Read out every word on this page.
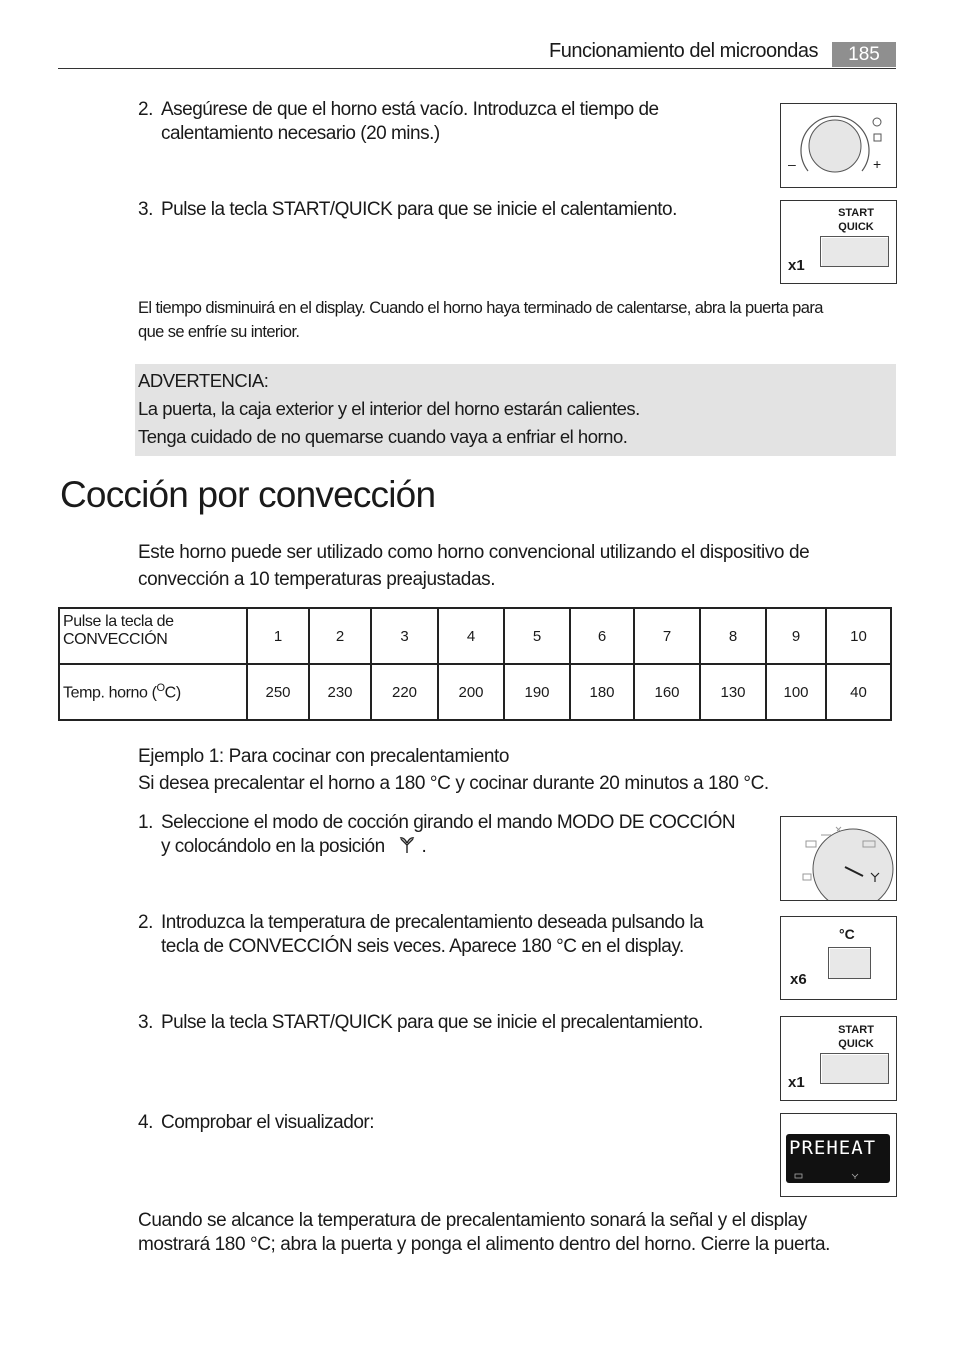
Funcionamiento del microondas	185
2. Asegúrese de que el horno está vacío. Introduzca el tiempo de
calentamiento necesario (20 mins.)
3. Pulse la tecla START/QUICK para que se inicie el calentamiento.
–	+
START
QUICK
x1
El tiempo disminuirá en el display. Cuando el horno haya terminado de calentarse, abra la puerta para
que se enfríe su interior.
ADVERTENCIA:
La puerta, la caja exterior y el interior del horno estarán calientes.
Tenga cuidado de no quemarse cuando vaya a enfriar el horno.
Cocción por convección
Este horno puede ser utilizado como horno convencional utilizando el dispositivo de
convección a 10 temperaturas preajustadas.
Pulse la tecla de
CONVECCIÓN	1	2	3	4	5	6	7	8	9	10
Temp. horno ($^O$C)	250	230	220	200	190	180	160	130	100	40
Ejemplo 1: Para cocinar con precalentamiento
Si desea precalentar el horno a 180 °C y cocinar durante 20 minutos a 180 °C.
1. Seleccione el modo de cocción girando el mando MODO DE COCCIÓN
y colocándolo en la posición .
2. Introduzca la temperatura de precalentamiento deseada pulsando la
tecla de CONVECCIÓN seis veces. Aparece 180 °C en el display.
3. Pulse la tecla START/QUICK para que se inicie el precalentamiento.
4. Comprobar el visualizador:
°C
x6
START
QUICK
x1
PREHEAT
Cuando se alcance la temperatura de precalentamiento sonará la señal y el display
mostrará 180 °C; abra la puerta y ponga el alimento dentro del horno. Cierre la puerta.
